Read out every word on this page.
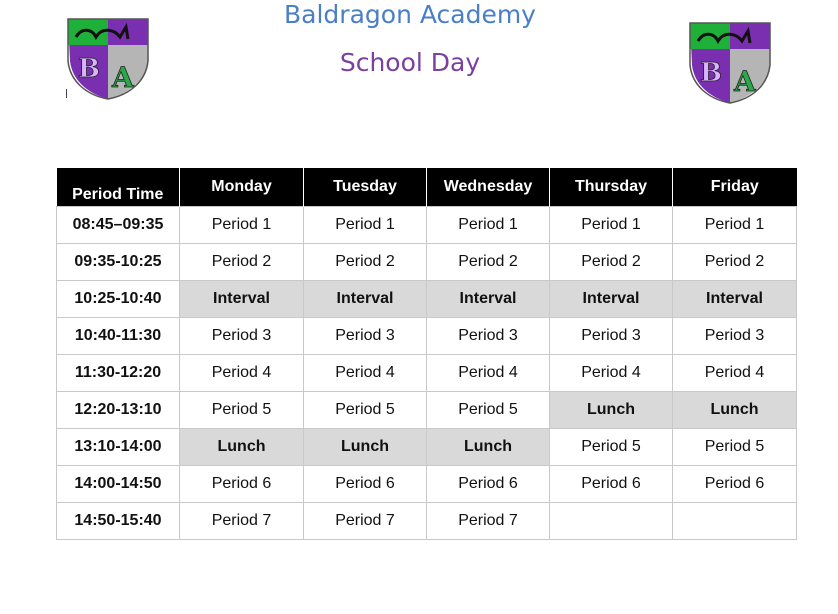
Baldragon Academy
School Day
B A	B A
Period Time	Monday	Tuesday	Wednesday	Thursday	Friday
08:45–09:35	Period 1	Period 1	Period 1	Period 1	Period 1
09:35-10:25	Period 2	Period 2	Period 2	Period 2	Period 2
10:25-10:40	Interval	Interval	Interval	Interval	Interval
10:40-11:30	Period 3	Period 3	Period 3	Period 3	Period 3
11:30-12:20	Period 4	Period 4	Period 4	Period 4	Period 4
12:20-13:10	Period 5	Period 5	Period 5	Lunch	Lunch
13:10-14:00	Lunch	Lunch	Lunch	Period 5	Period 5
14:00-14:50	Period 6	Period 6	Period 6	Period 6	Period 6
14:50-15:40	Period 7	Period 7	Period 7		
